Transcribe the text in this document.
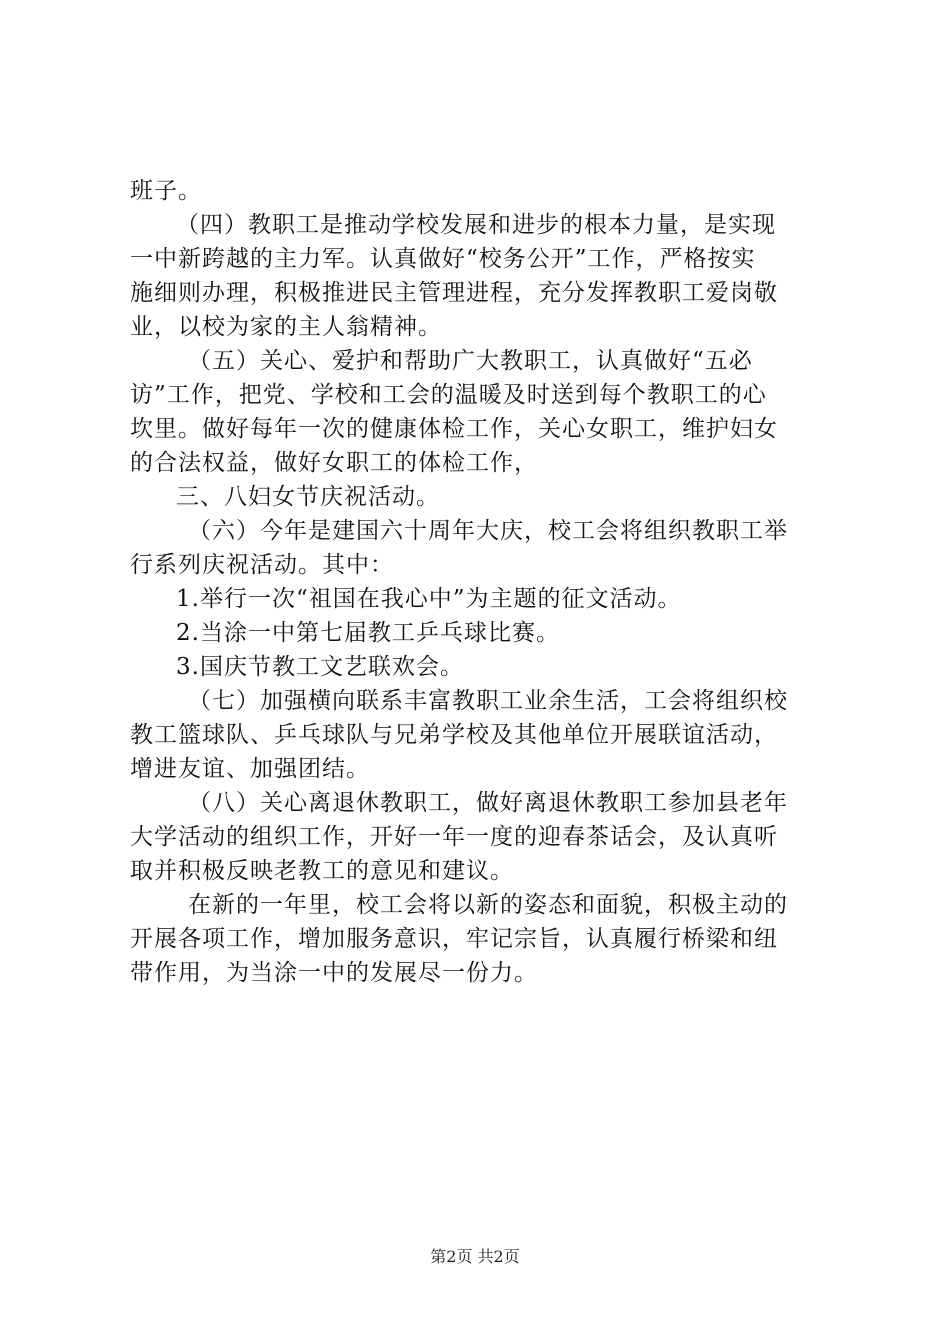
班子。
（四）教职工是推动学校发展和进步的根本力量，是实现
一中新跨越的主力军。认真做好“校务公开”工作，严格按实
施细则办理，积极推进民主管理进程，充分发挥教职工爱岗敬
业，以校为家的主人翁精神。
（五）关心、爱护和帮助广大教职工，认真做好“五必
访”工作，把党、学校和工会的温暖及时送到每个教职工的心
坎里。做好每年一次的健康体检工作，关心女职工，维护妇女
的合法权益，做好女职工的体检工作，
三、八妇女节庆祝活动。
（六）今年是建国六十周年大庆，校工会将组织教职工举
行系列庆祝活动。其中：
1.举行一次“祖国在我心中”为主题的征文活动。
2.当涂一中第七届教工乒乓球比赛。
3.国庆节教工文艺联欢会。
（七）加强横向联系丰富教职工业余生活，工会将组织校
教工篮球队、乒乓球队与兄弟学校及其他单位开展联谊活动，
增进友谊、加强团结。
（八）关心离退休教职工，做好离退休教职工参加县老年
大学活动的组织工作，开好一年一度的迎春茶话会，及认真听
取并积极反映老教工的意见和建议。
在新的一年里，校工会将以新的姿态和面貌，积极主动的
开展各项工作，增加服务意识，牢记宗旨，认真履行桥梁和纽
带作用，为当涂一中的发展尽一份力。
第2页 共2页
